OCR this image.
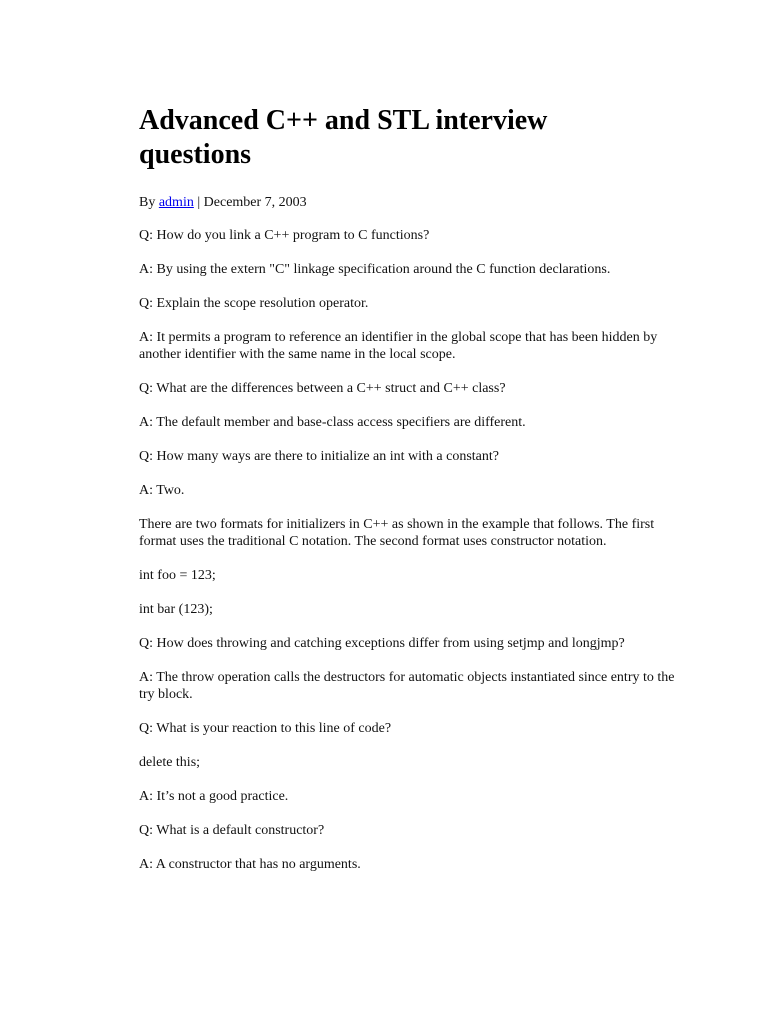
Advanced C++ and STL interview
questions

By admin | December 7, 2003

Q: How do you link a C++ program to C functions?

A: By using the extern "C" linkage specification around the C function declarations.

Q: Explain the scope resolution operator.

A: It permits a program to reference an identifier in the global scope that has been hidden by another identifier with the same name in the local scope.

Q: What are the differences between a C++ struct and C++ class?

A: The default member and base-class access specifiers are different.

Q: How many ways are there to initialize an int with a constant?

A: Two.

There are two formats for initializers in C++ as shown in the example that follows. The first format uses the traditional C notation. The second format uses constructor notation.

int foo = 123;

int bar (123);

Q: How does throwing and catching exceptions differ from using setjmp and longjmp?

A: The throw operation calls the destructors for automatic objects instantiated since entry to the try block.

Q: What is your reaction to this line of code?

delete this;

A: It’s not a good practice.

Q: What is a default constructor?

A: A constructor that has no arguments.
